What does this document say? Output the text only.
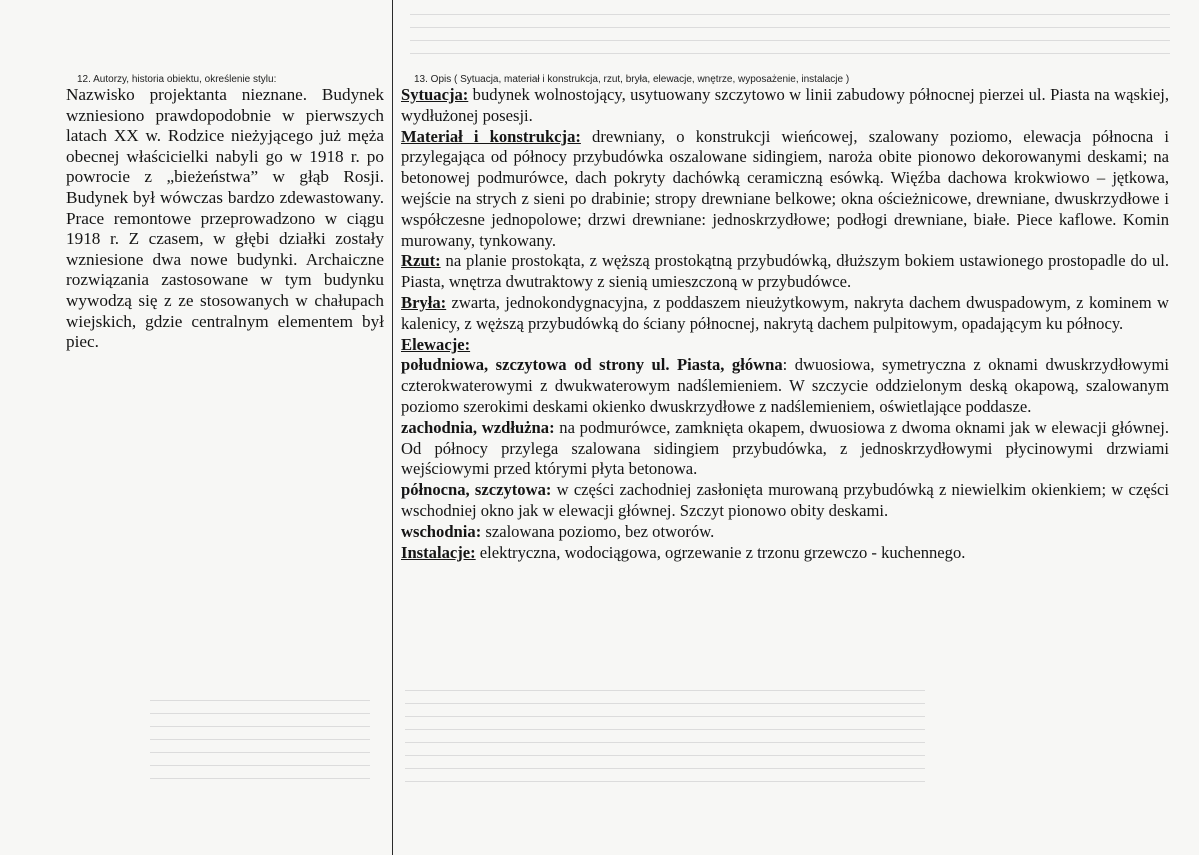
12. Autorzy, historia obiektu, określenie stylu:	13. Opis ( Sytuacja, materiał i konstrukcja, rzut, bryła, elewacje, wnętrze, wyposażenie, instalacje )
Nazwisko projektanta nieznane. Budynek wzniesiono prawdopodobnie w pierwszych latach XX w. Rodzice nieżyjącego już męża obecnej właścicielki nabyli go w 1918 r. po powrocie z „bieżeństwa” w głąb Rosji. Budynek był wówczas bardzo zdewastowany. Prace remontowe przeprowadzono w ciągu 1918 r. Z czasem, w głębi działki zostały wzniesione dwa nowe budynki. Archaiczne rozwiązania zastosowane w tym budynku wywodzą się z ze stosowanych w chałupach wiejskich, gdzie centralnym elementem był piec.

Sytuacja: budynek wolnostojący, usytuowany szczytowo w linii zabudowy północnej pierzei ul. Piasta na wąskiej, wydłużonej posesji.

Materiał i konstrukcja: drewniany, o konstrukcji wieńcowej, szalowany poziomo, elewacja północna i przylegająca od północy przybudówka oszalowane sidingiem, naroża obite pionowo dekorowanymi deskami; na betonowej podmurówce, dach pokryty dachówką ceramiczną esówką. Więźba dachowa krokwiowo – jętkowa, wejście na strych z sieni po drabinie; stropy drewniane belkowe; okna ościeżnicowe, drewniane, dwuskrzydłowe i współczesne jednopolowe; drzwi drewniane: jednoskrzydłowe; podłogi drewniane, białe. Piece kaflowe. Komin murowany, tynkowany.

Rzut: na planie prostokąta, z węższą prostokątną przybudówką, dłuższym bokiem ustawionego prostopadle do ul. Piasta, wnętrza dwutraktowy z sienią umieszczoną w przybudówce.

Bryła: zwarta, jednokondygnacyjna, z poddaszem nieużytkowym, nakryta dachem dwuspadowym, z kominem w kalenicy, z węższą przybudówką do ściany północnej, nakrytą dachem pulpitowym, opadającym ku północy.

Elewacje:

południowa, szczytowa od strony ul. Piasta, główna: dwuosiowa, symetryczna z oknami dwuskrzydłowymi czterokwaterowymi z dwukwaterowym nadślemieniem. W szczycie oddzielonym deską okapową, szalowanym poziomo szerokimi deskami okienko dwuskrzydłowe z nadślemieniem, oświetlające poddasze.

zachodnia, wzdłużna: na podmurówce, zamknięta okapem, dwuosiowa z dwoma oknami jak w elewacji głównej. Od północy przylega szalowana sidingiem przybudówka, z jednoskrzydłowymi płycinowymi drzwiami wejściowymi przed którymi płyta betonowa.

północna, szczytowa: w części zachodniej zasłonięta murowaną przybudówką z niewielkim okienkiem; w części wschodniej okno jak w elewacji głównej. Szczyt pionowo obity deskami.

wschodnia: szalowana poziomo, bez otworów.

Instalacje: elektryczna, wodociągowa, ogrzewanie z trzonu grzewczo - kuchennego.
